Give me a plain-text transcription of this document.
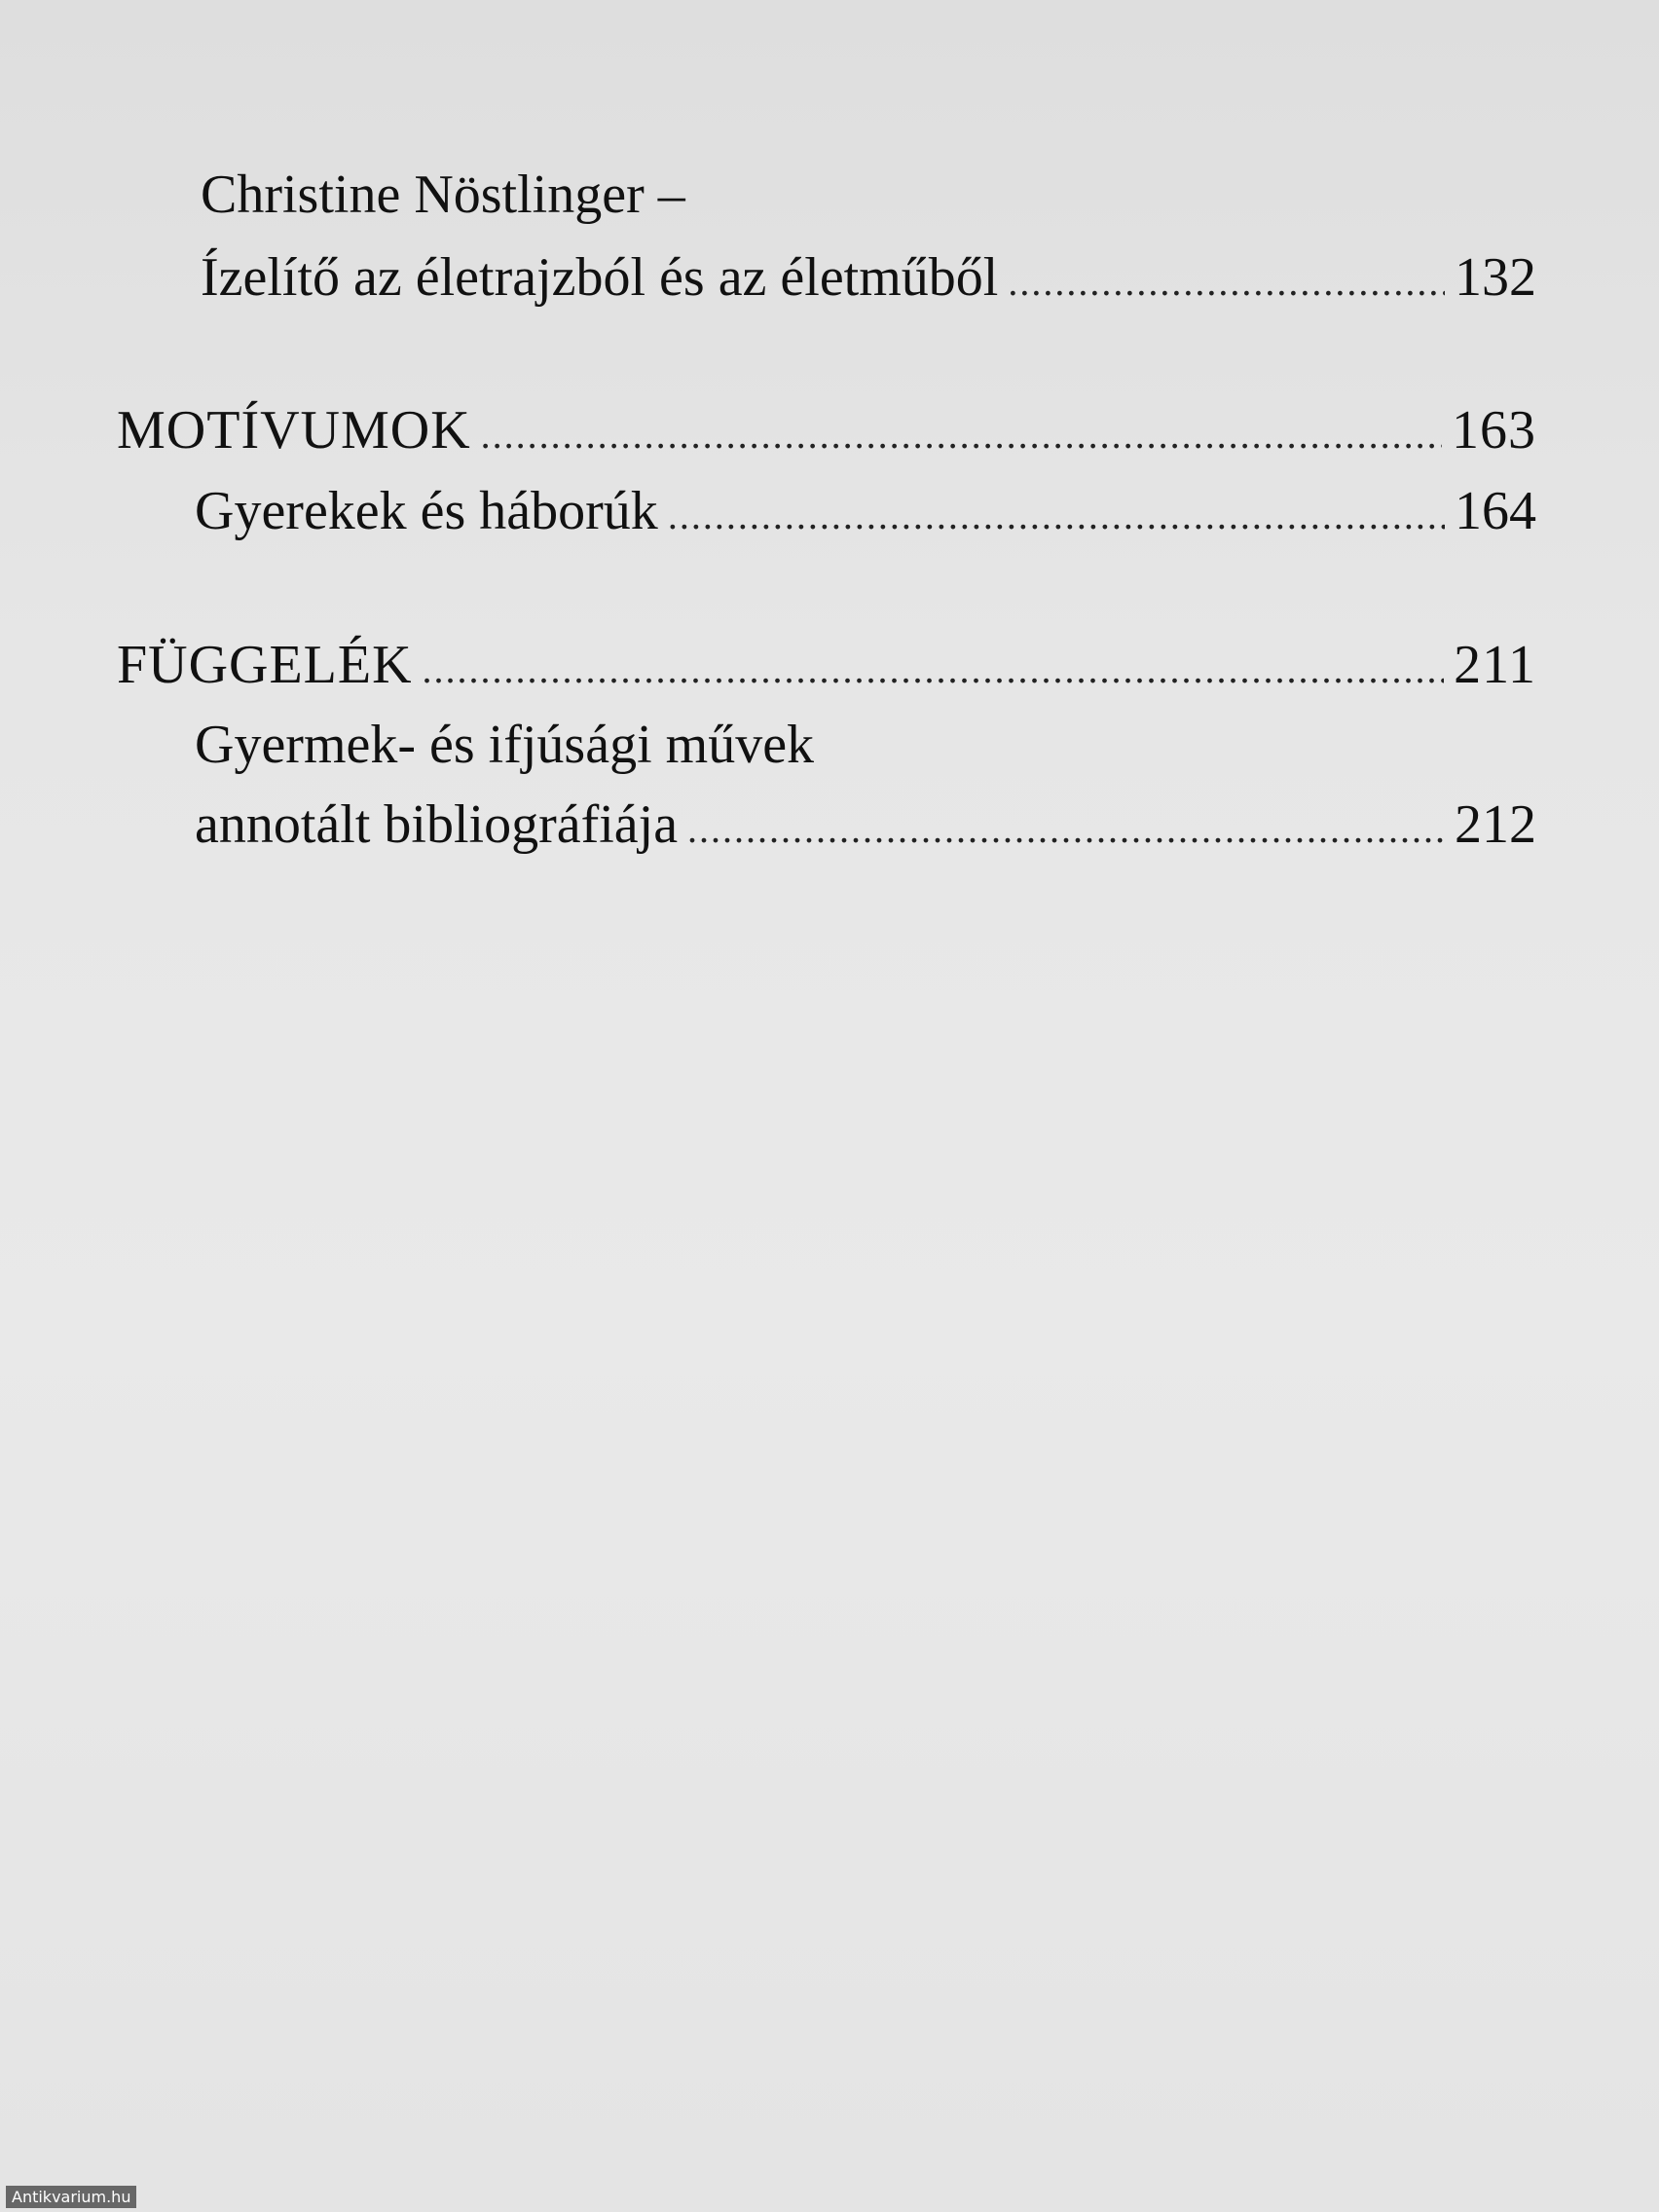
Christine Nöstlinger –
Ízelítő az életrajzból és az életműből .....	132
MOTÍVUMOK .....	163
Gyerekek és háborúk .....	164
FÜGGELÉK .....	211
Gyermek- és ifjúsági művek
annotált bibliográfiája .....	212
Antikvarium.hu
